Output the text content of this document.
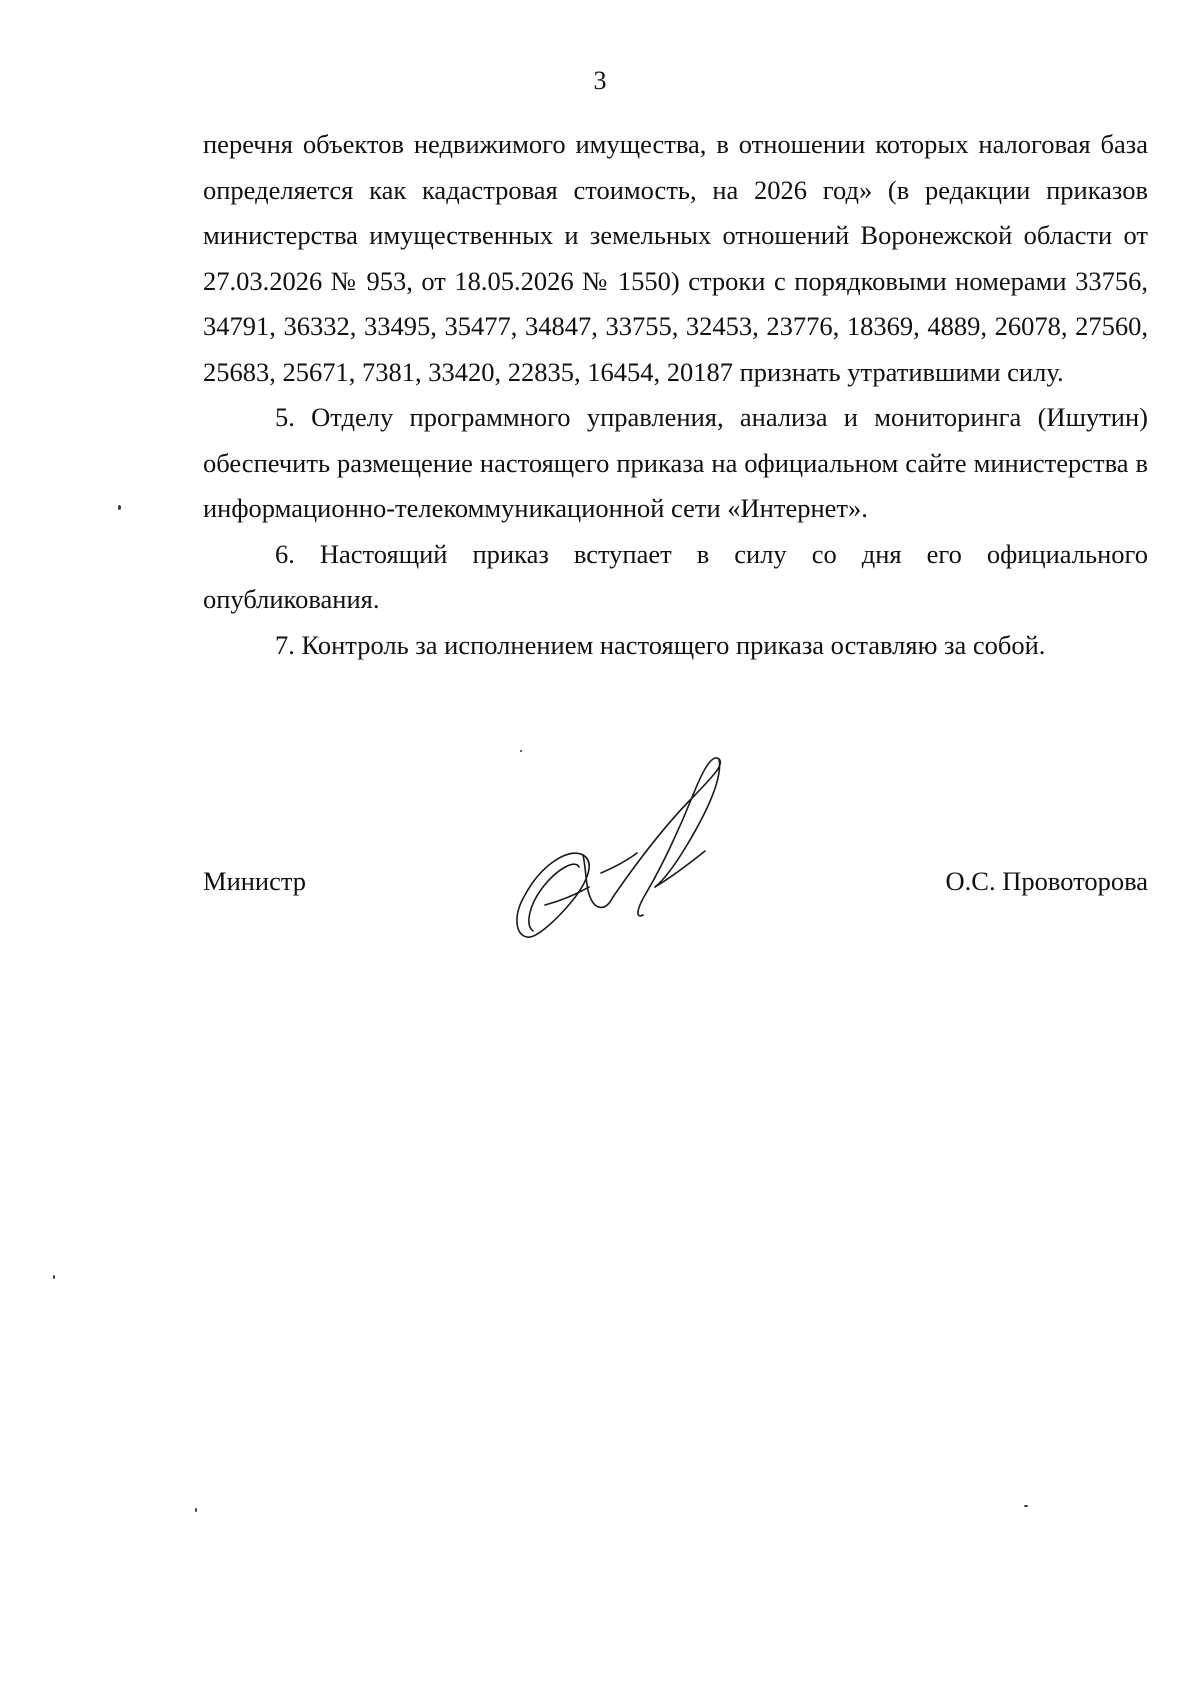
3

перечня объектов недвижимого имущества, в отношении которых налоговая база определяется как кадастровая стоимость, на 2026 год» (в редакции приказов министерства имущественных и земельных отношений Воронежской области от 27.03.2026 № 953, от 18.05.2026 № 1550) строки с порядковыми номерами 33756, 34791, 36332, 33495, 35477, 34847, 33755, 32453, 23776, 18369, 4889, 26078, 27560, 25683, 25671, 7381, 33420, 22835, 16454, 20187 признать утратившими силу.

5. Отделу программного управления, анализа и мониторинга (Ишутин) обеспечить размещение настоящего приказа на официальном сайте министерства в информационно-телекоммуникационной сети «Интернет».

6. Настоящий приказ вступает в силу со дня его официального опубликования.

7. Контроль за исполнением настоящего приказа оставляю за собой.

Министр	О.С. Провоторова
